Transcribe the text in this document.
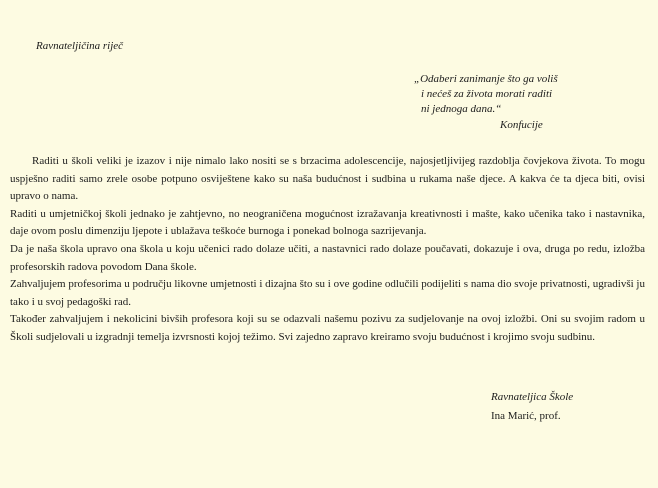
Ravnateljičina riječ
„Odaberi zanimanje što ga voliš
i nećeš za života morati raditi
ni jednoga dana.“
Konfucije

Raditi u školi veliki je izazov i nije nimalo lako nositi se s brzacima adolescencije, najosjetljivijeg razdoblja čovjekova života. To mogu uspješno raditi samo zrele osobe potpuno osviještene kako su naša budućnost i sudbina u rukama naše djece. A kakva će ta djeca biti, ovisi upravo o nama.

Raditi u umjetničkoj školi jednako je zahtjevno, no neograničena mogućnost izražavanja kreativnosti i mašte, kako učenika tako i nastavnika, daje ovom poslu dimenziju ljepote i ublažava teškoće burnoga i ponekad bolnoga sazrijevanja.

Da je naša škola upravo ona škola u koju učenici rado dolaze učiti, a nastavnici rado dolaze poučavati, dokazuje i ova, druga po redu, izložba profesorskih radova povodom Dana škole.

Zahvaljujem profesorima u području likovne umjetnosti i dizajna što su i ove godine odlučili podijeliti s nama dio svoje privatnosti, ugradivši ju tako i u svoj pedagoški rad.

Također zahvaljujem i nekolicini bivših profesora koji su se odazvali našemu pozivu za sudjelovanje na ovoj izložbi. Oni su svojim radom u Školi sudjelovali u izgradnji temelja izvrsnosti kojoj težimo. Svi zajedno zapravo kreiramo svoju budućnost i krojimo svoju sudbinu.

Ravnateljica Škole
Ina Marić, prof.
